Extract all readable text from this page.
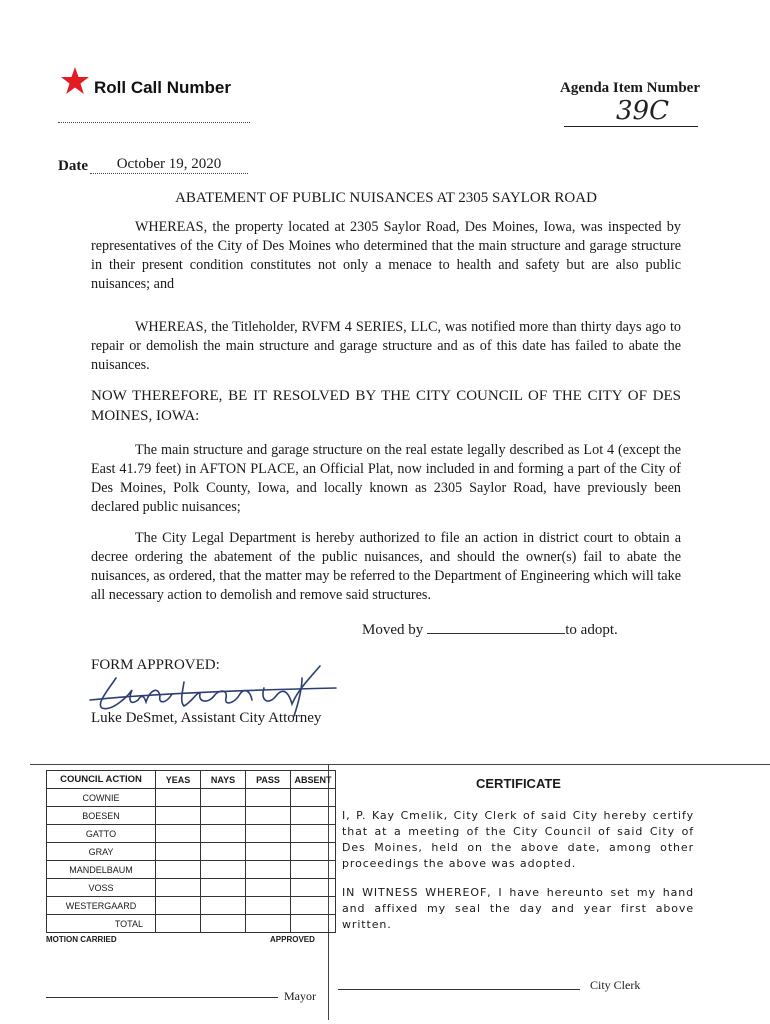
Roll Call Number	Agenda Item Number
39C
Date	October 19, 2020
ABATEMENT OF PUBLIC NUISANCES AT 2305 SAYLOR ROAD
WHEREAS, the property located at 2305 Saylor Road, Des Moines, Iowa, was inspected by representatives of the City of Des Moines who determined that the main structure and garage structure in their present condition constitutes not only a menace to health and safety but are also public nuisances; and
WHEREAS, the Titleholder, RVFM 4 SERIES, LLC, was notified more than thirty days ago to repair or demolish the main structure and garage structure and as of this date has failed to abate the nuisances.
NOW THEREFORE, BE IT RESOLVED BY THE CITY COUNCIL OF THE CITY OF DES MOINES, IOWA:
The main structure and garage structure on the real estate legally described as Lot 4 (except the East 41.79 feet) in AFTON PLACE, an Official Plat, now included in and forming a part of the City of Des Moines, Polk County, Iowa, and locally known as 2305 Saylor Road, have previously been declared public nuisances;
The City Legal Department is hereby authorized to file an action in district court to obtain a decree ordering the abatement of the public nuisances, and should the owner(s) fail to abate the nuisances, as ordered, that the matter may be referred to the Department of Engineering which will take all necessary action to demolish and remove said structures.
Moved by	to adopt.
FORM APPROVED:
Luke DeSmet, Assistant City Attorney
COUNCIL ACTION	YEAS	NAYS	PASS	ABSENT
COWNIE				
BOESEN				
GATTO				
GRAY				
MANDELBAUM				
VOSS				
WESTERGAARD				
TOTAL				
MOTION CARRIED	APPROVED
Mayor
CERTIFICATE
I, P. Kay Cmelik, City Clerk of said City hereby certify that at a meeting of the City Council of said City of Des Moines, held on the above date, among other proceedings the above was adopted.
IN WITNESS WHEREOF, I have hereunto set my hand and affixed my seal the day and year first above written.
City Clerk
